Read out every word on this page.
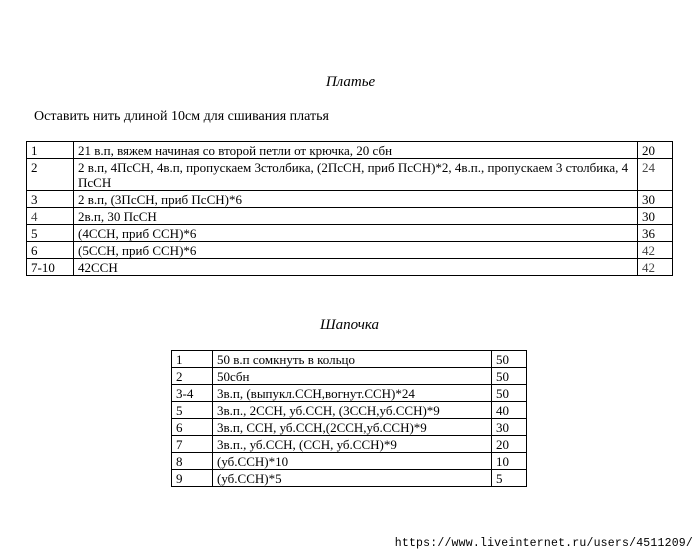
Платье
Оставить нить длиной 10см для сшивания платья
1	21 в.п, вяжем начиная со второй петли от крючка, 20 сбн	20
2	2 в.п, 4ПсСН, 4в.п, пропускаем 3столбика, (2ПсСН, приб ПсСН)*2, 4в.п., пропускаем 3 столбика, 4 ПсСН	24
3	2 в.п, (3ПсСН, приб ПсСН)*6	30
4	2в.п, 30 ПсСН	30
5	(4ССН, приб ССН)*6	36
6	(5ССН, приб ССН)*6	42
7-10	42ССН	42
Шапочка
1	50 в.п сомкнуть в кольцо	50
2	50сбн	50
3-4	3в.п, (выпукл.ССН,вогнут.ССН)*24	50
5	3в.п., 2ССН, уб.ССН, (3ССН,уб.ССН)*9	40
6	3в.п, ССН, уб.ССН,(2ССН,уб.ССН)*9	30
7	3в.п., уб.ССН, (ССН, уб.ССН)*9	20
8	(уб.ССН)*10	10
9	(уб.ССН)*5	5
https://www.liveinternet.ru/users/4511209/
